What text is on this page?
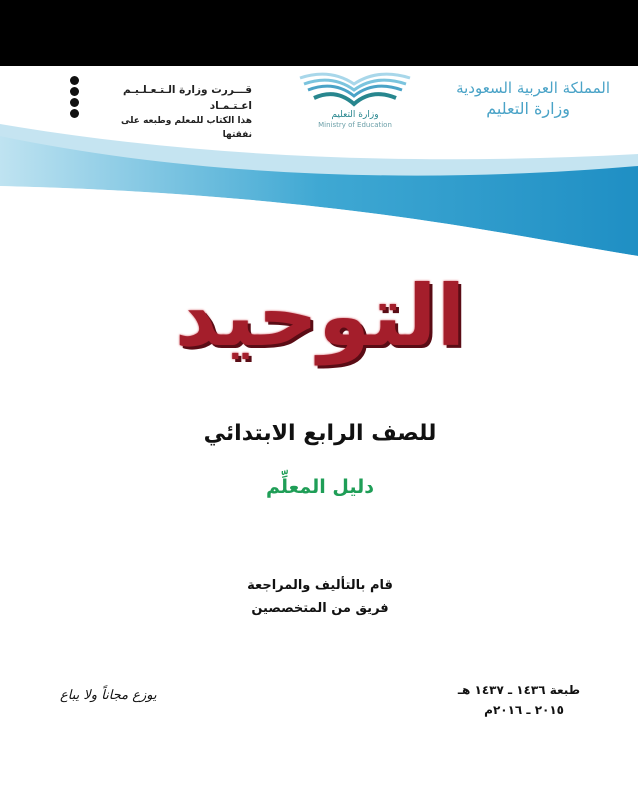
المملكة العربية السعودية
وزارة التعليم
وزارة التعليم
Ministry of Education
قـــررت وزارة الـتـعـلـيـم اعـتـمـاد
هذا الكتاب للمعلم وطبعه على نفقتها
التوحيد
للصف الرابع الابتدائي
دليل المعلِّم
قام بالتأليف والمراجعة
فريق من المتخصصين
طبعة ١٤٣٦ ـ ١٤٣٧ هـ
٢٠١٥ ـ ٢٠١٦م
يوزع مجاناً ولا يباع
